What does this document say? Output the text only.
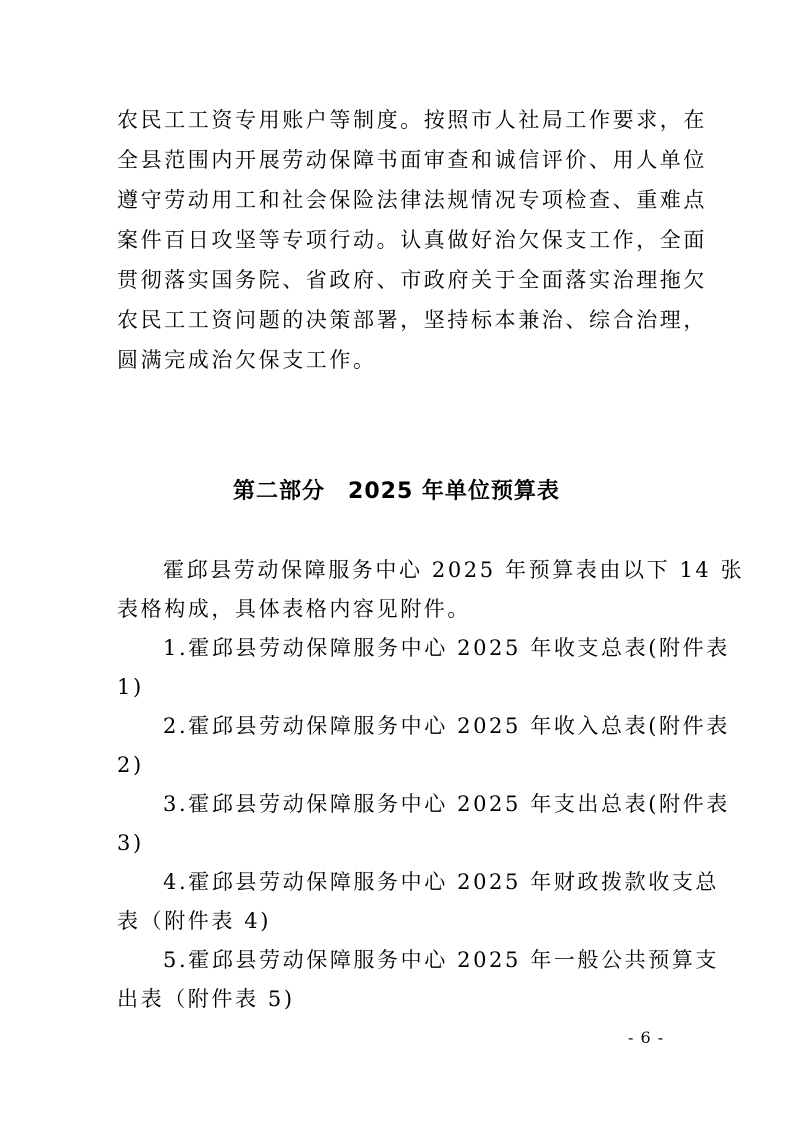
农民工工资专用账户等制度。按照市人社局工作要求，在

全县范围内开展劳动保障书面审查和诚信评价、用人单位

遵守劳动用工和社会保险法律法规情况专项检查、重难点

案件百日攻坚等专项行动。认真做好治欠保支工作，全面

贯彻落实国务院、省政府、市政府关于全面落实治理拖欠

农民工工资问题的决策部署，坚持标本兼治、综合治理，

圆满完成治欠保支工作。

第二部分　2025 年单位预算表

霍邱县劳动保障服务中心 2025 年预算表由以下 14 张

表格构成，具体表格内容见附件。

1.霍邱县劳动保障服务中心 2025 年收支总表(附件表

1)

2.霍邱县劳动保障服务中心 2025 年收入总表(附件表

2)

3.霍邱县劳动保障服务中心 2025 年支出总表(附件表

3)

4.霍邱县劳动保障服务中心 2025 年财政拨款收支总

表（附件表 4)

5.霍邱县劳动保障服务中心 2025 年一般公共预算支

出表（附件表 5)

- 6 -
